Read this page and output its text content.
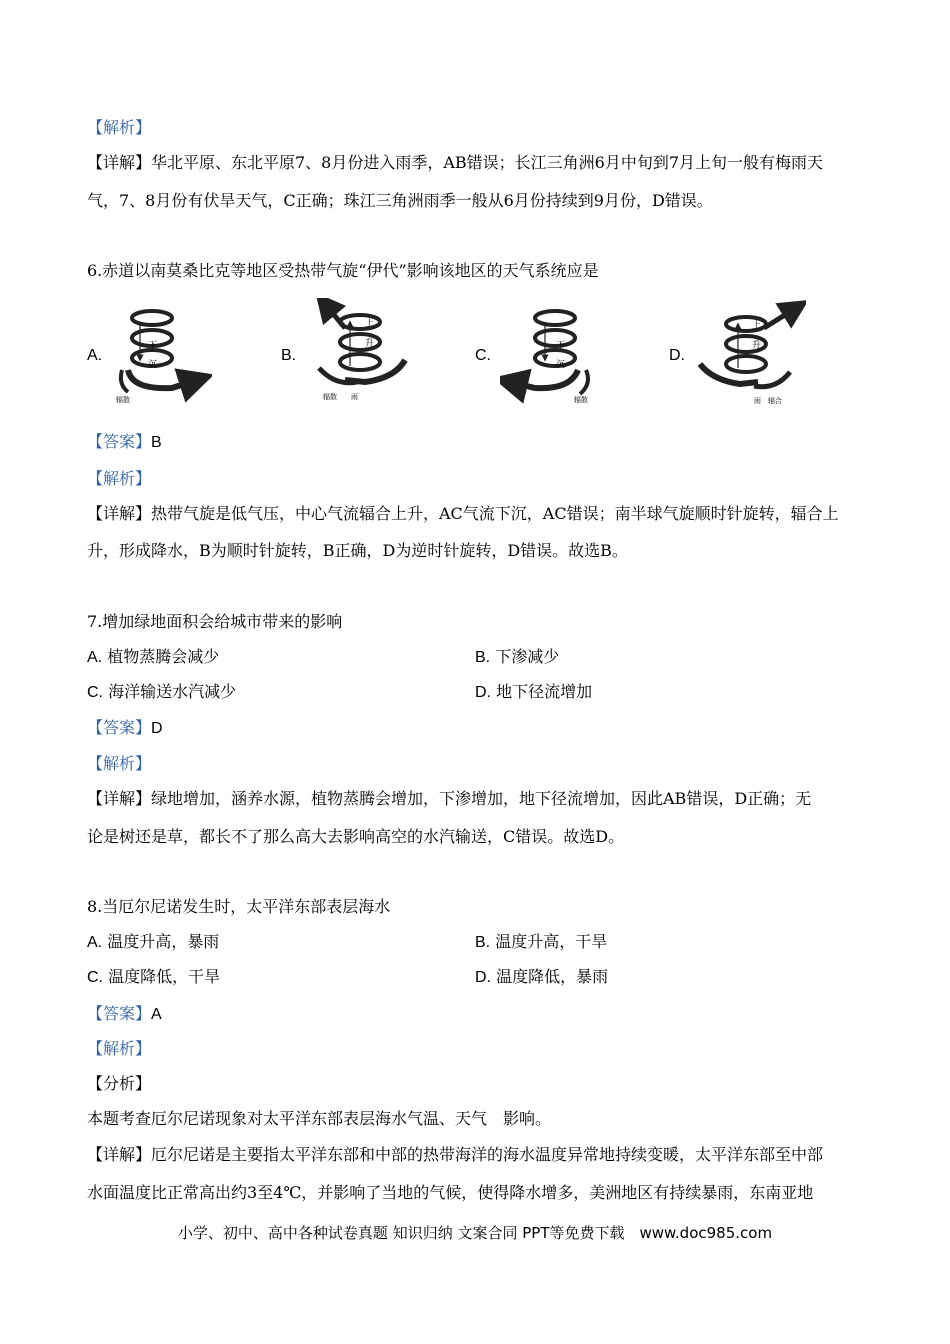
【解析】
【详解】华北平原、东北平原7、8月份进入雨季，AB错误；长江三角洲6月中旬到7月上旬一般有梅雨天
气，7、8月份有伏旱天气，C正确；珠江三角洲雨季一般从6月份持续到9月份，D错误。
6.赤道以南莫桑比克等地区受热带气旋“伊代”影响该地区的天气系统应是
A.
下
沉
辐散
B.
上
升
辐散 雨
C.
下
沉
辐散
D.
上
升
雨 辐合
【答案】B
【解析】
【详解】热带气旋是低气压，中心气流辐合上升，AC气流下沉，AC错误；南半球气旋顺时针旋转，辐合上
升，形成降水，B为顺时针旋转，B正确，D为逆时针旋转，D错误。故选B。
7.增加绿地面积会给城市带来的影响
A. 植物蒸腾会减少	B. 下渗减少
C. 海洋输送水汽减少	D. 地下径流增加
【答案】D
【解析】
【详解】绿地增加，涵养水源，植物蒸腾会增加，下渗增加，地下径流增加，因此AB错误，D正确；无
论是树还是草，都长不了那么高大去影响高空的水汽输送，C错误。故选D。
8.当厄尔尼诺发生时，太平洋东部表层海水
A. 温度升高，暴雨	B. 温度升高，干旱
C. 温度降低，干旱	D. 温度降低，暴雨
【答案】A
【解析】
【分析】
本题考查厄尔尼诺现象对太平洋东部表层海水气温、天气　影响。
【详解】厄尔尼诺是主要指太平洋东部和中部的热带海洋的海水温度异常地持续变暖，太平洋东部至中部
水面温度比正常高出约3至4℃，并影响了当地的气候，使得降水增多，美洲地区有持续暴雨，东南亚地
小学、初中、高中各种试卷真题 知识归纳 文案合同 PPT等免费下载　www.doc985.com
